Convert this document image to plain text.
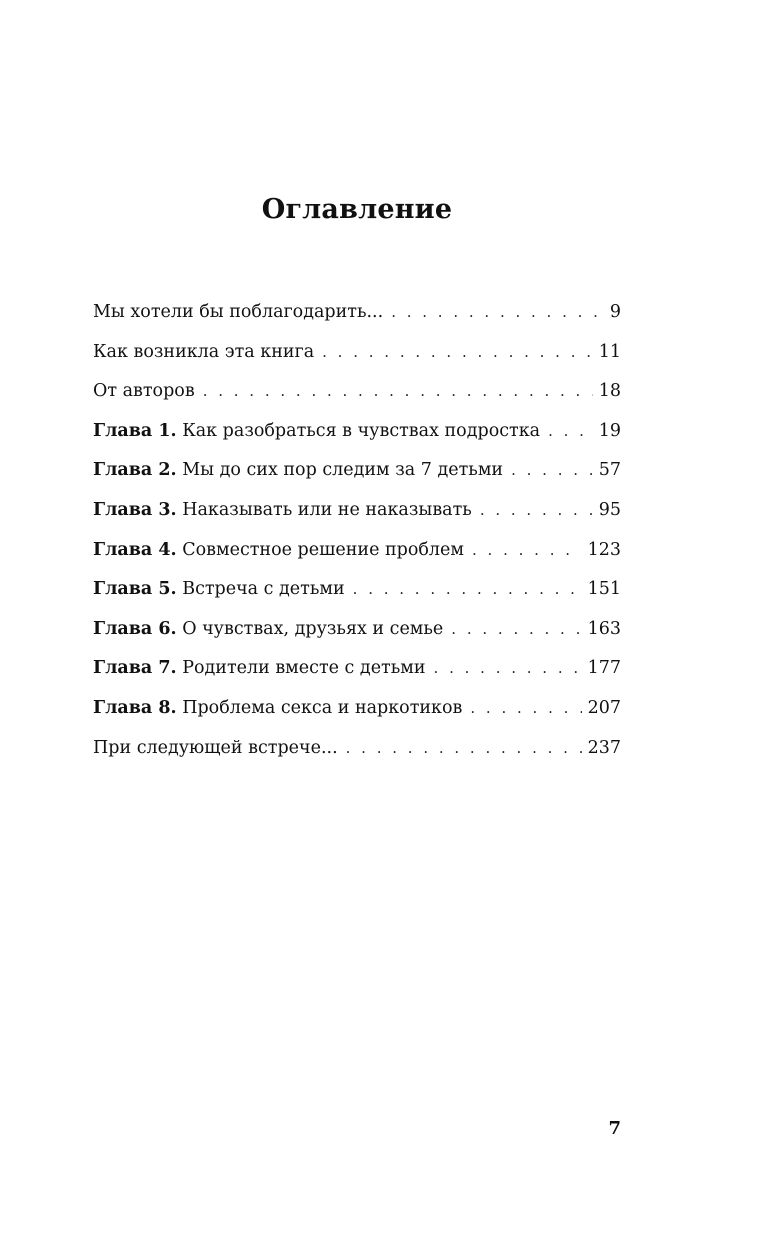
Оглавление
Мы хотели бы поблагодарить... . . .	9
Как возникла эта книга . . .	11
От авторов . . .	18
Глава 1. Как разобраться в чувствах подростка . . .	19
Глава 2. Мы до сих пор следим за 7 детьми . . .	57
Глава 3. Наказывать или не наказывать . . .	95
Глава 4. Совместное решение проблем . . .	123
Глава 5. Встреча с детьми . . .	151
Глава 6. О чувствах, друзьях и семье . . .	163
Глава 7. Родители вместе с детьми . . .	177
Глава 8. Проблема секса и наркотиков . . .	207
При следующей встрече... . . .	237
7
